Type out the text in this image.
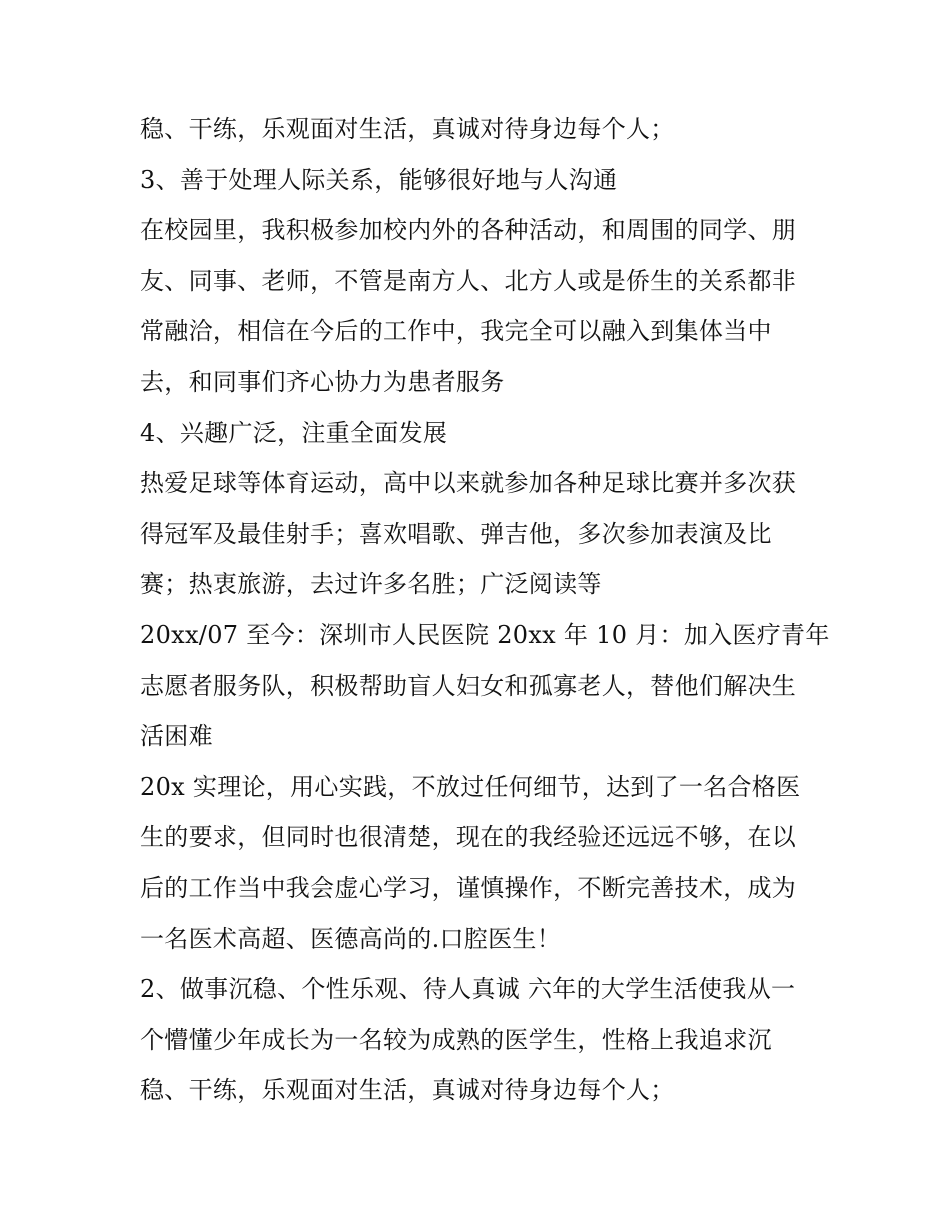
稳、干练，乐观面对生活，真诚对待身边每个人；
3、善于处理人际关系，能够很好地与人沟通
在校园里，我积极参加校内外的各种活动，和周围的同学、朋
友、同事、老师，不管是南方人、北方人或是侨生的关系都非
常融洽，相信在今后的工作中，我完全可以融入到集体当中
去，和同事们齐心协力为患者服务
4、兴趣广泛，注重全面发展
热爱足球等体育运动，高中以来就参加各种足球比赛并多次获
得冠军及最佳射手；喜欢唱歌、弹吉他，多次参加表演及比
赛；热衷旅游，去过许多名胜；广泛阅读等
20xx/07 至今：深圳市人民医院 20xx 年 10 月：加入医疗青年
志愿者服务队，积极帮助盲人妇女和孤寡老人，替他们解决生
活困难
20x 实理论，用心实践，不放过任何细节，达到了一名合格医
生的要求，但同时也很清楚，现在的我经验还远远不够，在以
后的工作当中我会虚心学习，谨慎操作，不断完善技术，成为
一名医术高超、医德高尚的.口腔医生！
2、做事沉稳、个性乐观、待人真诚 六年的大学生活使我从一
个懵懂少年成长为一名较为成熟的医学生，性格上我追求沉
稳、干练，乐观面对生活，真诚对待身边每个人；
